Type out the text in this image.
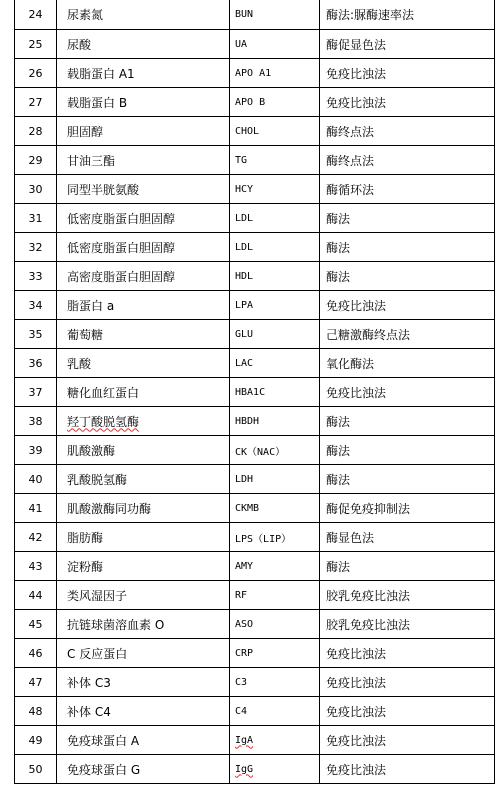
24	尿素氮	BUN	酶法:脲酶速率法
25	尿酸	UA	酶促显色法
26	载脂蛋白 A1	APO A1	免疫比浊法
27	载脂蛋白 B	APO B	免疫比浊法
28	胆固醇	CHOL	酶终点法
29	甘油三酯	TG	酶终点法
30	同型半胱氨酸	HCY	酶循环法
31	低密度脂蛋白胆固醇	LDL	酶法
32	低密度脂蛋白胆固醇	LDL	酶法
33	高密度脂蛋白胆固醇	HDL	酶法
34	脂蛋白 a	LPA	免疫比浊法
35	葡萄糖	GLU	己糖激酶终点法
36	乳酸	LAC	氧化酶法
37	糖化血红蛋白	HBA1C	免疫比浊法
38	羟丁酸脱氢酶	HBDH	酶法
39	肌酸激酶	CK（NAC）	酶法
40	乳酸脱氢酶	LDH	酶法
41	肌酸激酶同功酶	CKMB	酶促免疫抑制法
42	脂肪酶	LPS（LIP）	酶显色法
43	淀粉酶	AMY	酶法
44	类风湿因子	RF	胶乳免疫比浊法
45	抗链球菌溶血素 O	ASO	胶乳免疫比浊法
46	C 反应蛋白	CRP	免疫比浊法
47	补体 C3	C3	免疫比浊法
48	补体 C4	C4	免疫比浊法
49	免疫球蛋白 A	IgA	免疫比浊法
50	免疫球蛋白 G	IgG	免疫比浊法
